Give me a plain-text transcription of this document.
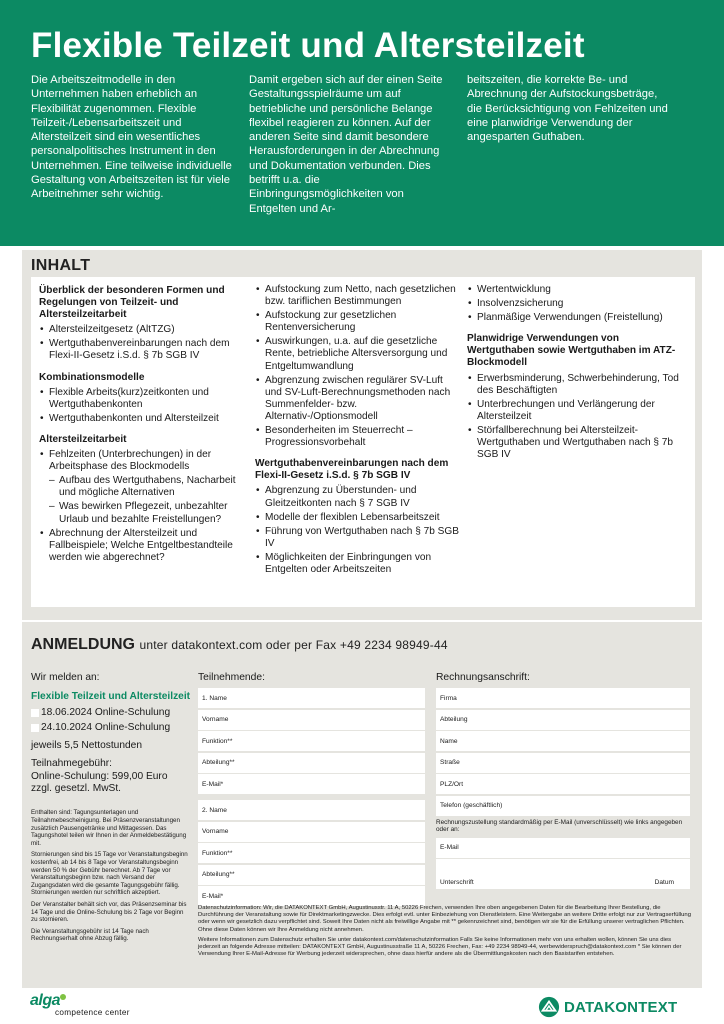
Flexible Teilzeit und Altersteilzeit

Die Arbeitszeitmodelle in den Unternehmen haben erheblich an Flexibilität zugenommen. Flexible Teilzeit-/Lebensarbeitszeit und Altersteilzeit sind ein wesentliches personalpolitisches Instrument in den Unternehmen. Eine teilweise individuelle Gestaltung von Arbeitszeiten ist für viele Arbeitnehmer sehr wichtig.

Damit ergeben sich auf der einen Seite Gestaltungsspielräume um auf betriebliche und persönliche Belange flexibel reagieren zu können. Auf der anderen Seite sind damit besondere Herausforderungen in der Abrechnung und Dokumentation verbunden. Dies betrifft u.a. die Einbringungsmöglichkeiten von Entgelten und Ar-

beitszeiten, die korrekte Be- und Abrechnung der Aufstockungsbeträge, die Berücksichtigung von Fehlzeiten und eine planwidrige Verwendung der angesparten Guthaben.

INHALT
Überblick der besonderen Formen und Regelungen von Teilzeit- und Altersteilzeitarbeit
• Altersteilzeitgesetz (AltTZG)
• Wertguthabenvereinbarungen nach dem Flexi-II-Gesetz i.S.d. § 7b SGB IV
Kombinationsmodelle
• Flexible Arbeits(kurz)zeitkonten und Wertguthabenkonten
• Wertguthabenkonten und Altersteilzeit
Altersteilzeitarbeit
• Fehlzeiten (Unterbrechungen) in der Arbeitsphase des Blockmodells
– Aufbau des Wertguthabens, Nacharbeit und mögliche Alternativen
– Was bewirken Pflegezeit, unbezahlter Urlaub und bezahlte Freistellungen?
• Abrechnung der Altersteilzeit und Fallbeispiele; Welche Entgeltbestandteile werden wie abgerechnet?
• Aufstockung zum Netto, nach gesetzlichen bzw. tariflichen Bestimmungen
• Aufstockung zur gesetzlichen Rentenversicherung
• Auswirkungen, u.a. auf die gesetzliche Rente, betriebliche Altersversorgung und Entgeltumwandlung
• Abgrenzung zwischen regulärer SV-Luft und SV-Luft-Berechnungsmethoden nach Summenfelder- bzw. Alternativ-/Optionsmodell
• Besonderheiten im Steuerrecht – Progressionsvorbehalt
Wertguthabenvereinbarungen nach dem Flexi-II-Gesetz i.S.d. § 7b SGB IV
• Abgrenzung zu Überstunden- und Gleitzeitkonten nach § 7 SGB IV
• Modelle der flexiblen Lebensarbeitszeit
• Führung von Wertguthaben nach § 7b SGB IV
• Möglichkeiten der Einbringungen von Entgelten oder Arbeitszeiten
• Wertentwicklung
• Insolvenzsicherung
• Planmäßige Verwendungen (Freistellung)
Planwidrige Verwendungen von Wertguthaben sowie Wertguthaben im ATZ-Blockmodell
• Erwerbsminderung, Schwerbehinderung, Tod des Beschäftigten
• Unterbrechungen und Verlängerung der Altersteilzeit
• Störfallberechnung bei Altersteilzeit-Wertguthaben und Wertguthaben nach § 7b SGB IV
ANMELDUNG unter datakontext.com oder per Fax +49 2234 98949-44
Wir melden an:
Flexible Teilzeit und Altersteilzeit
18.06.2024 Online-Schulung
24.10.2024 Online-Schulung
jeweils 5,5 Nettostunden
Teilnahmegebühr:
Online-Schulung: 599,00 Euro
zzgl. gesetzl. MwSt.
Enthalten sind: Tagungsunterlagen und Teilnahmebescheinigung. Bei Präsenzveranstaltungen zusätzlich Pausengetränke und Mittagessen. Das Tagungshotel teilen wir Ihnen in der Anmeldebestätigung mit.
Stornierungen sind bis 15 Tage vor Veranstaltungsbeginn kostenfrei, ab 14 bis 8 Tage vor Veranstaltungsbeginn werden 50 % der Gebühr berechnet. Ab 7 Tage vor Veranstaltungsbeginn bzw. nach Versand der Zugangsdaten wird die gesamte Tagungsgebühr fällig. Stornierungen werden nur schriftlich akzeptiert.
Der Veranstalter behält sich vor, das Präsenzseminar bis 14 Tage und die Online-Schulung bis 2 Tage vor Beginn zu stornieren.
Die Veranstaltungsgebühr ist 14 Tage nach Rechnungserhalt ohne Abzug fällig.
Teilnehmende:
1. Name
Vorname
Funktion**
Abteilung**
E-Mail*
2. Name
Vorname
Funktion**
Abteilung**
E-Mail*
Rechnungsanschrift:
Firma
Abteilung
Name
Straße
PLZ/Ort
Telefon (geschäftlich)
Rechnungszustellung standardmäßig per E-Mail (unverschlüsselt) wie links angegeben oder an:
E-Mail
Unterschrift	Datum

Datenschutzinformation: Wir, die DATAKONTEXT GmbH, Augustinusstr. 11 A, 50226 Frechen, verwenden Ihre oben angegebenen Daten für die Bearbeitung Ihrer Bestellung, die Durchführung der Veranstaltung sowie für Direktmarketingzwecke. Dies erfolgt evtl. unter Einbeziehung von Dienstleistern. Eine Weitergabe an weitere Dritte erfolgt nur zur Vertragserfüllung oder wenn wir gesetzlich dazu verpflichtet sind. Soweit Ihre Daten nicht als freiwillige Angabe mit ** gekennzeichnet sind, benötigen wir sie für die Erfüllung unserer vertraglichen Pflichten. Ohne diese Daten können wir Ihre Anmeldung nicht annehmen.

Weitere Informationen zum Datenschutz erhalten Sie unter datakontext.com/datenschutzinformation Falls Sie keine Informationen mehr von uns erhalten wollen, können Sie uns dies jederzeit an folgende Adresse mitteilen: DATAKONTEXT GmbH, Augustinusstraße 11 A, 50226 Frechen, Fax: +49 2234 98949-44, werbewiderspruch@datakontext.com * Sie können der Verwendung Ihrer E-Mail-Adresse für Werbung jederzeit widersprechen, ohne dass hierfür andere als die Übermittlungskosten nach den Basistarifen entstehen.

alga
competence center	DATAKONTEXT
